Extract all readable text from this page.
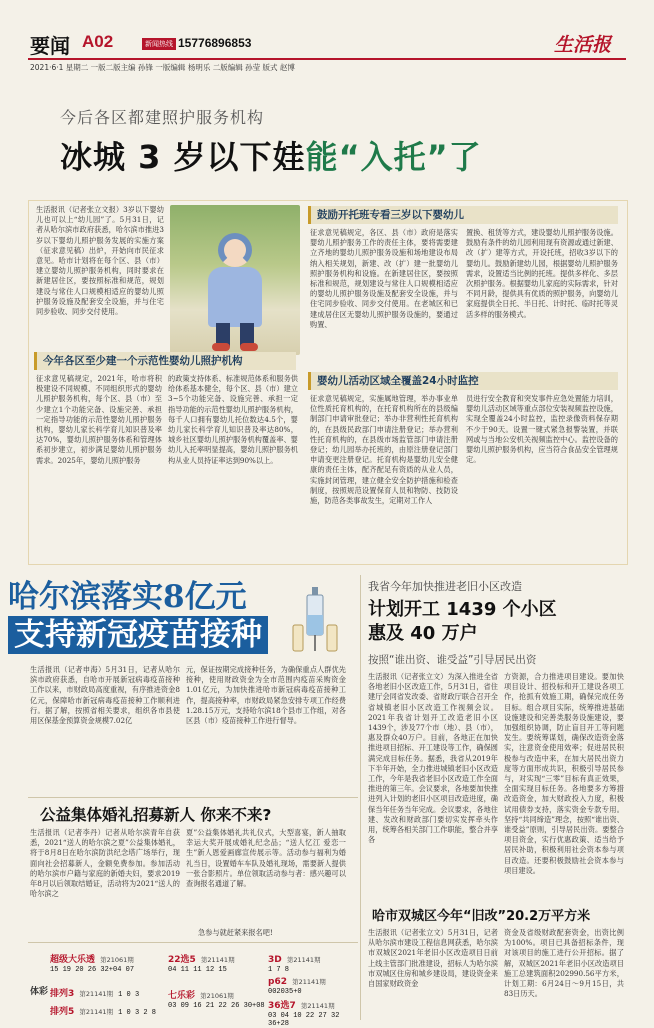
要闻 A02	新闻热线 15776896853	生活报
2021·6·1 星期二 一版二版主编 孙锋 一版编辑 杨明乐 二版编辑 孙莹 版式 赵博
今后各区都建照护服务机构
冰城 3 岁以下娃能“入托”了
生活报讯（记者张立文报）3岁以下婴幼儿也可以上“幼儿园”了。5月31日，记者从哈尔滨市政府获悉，哈尔滨市推进3岁以下婴幼儿照护服务发展的实施方案（征求意见稿）出炉，开始向市民征求意见。哈市计划将在每个区、县（市）建立婴幼儿照护服务机构，同时要求在新建居住区，要按照标准和规范，规划建设与常住人口规模相适应的婴幼儿照护服务设施及配套安全设施，并与住宅同步验收、同步交付使用。
鼓励开托班专看三岁以下婴幼儿
征求意见稿规定，各区、县（市）政府是落实婴幼儿照护服务工作的责任主体，要将需要建立齐地的婴幼儿照护服务设施和场地建设布局纳入相关规划，新建、改（扩）建一批婴幼儿照护服务机构和设施。在新建居住区，要按照标准和规范，规划建设与常住人口规模相适应的婴幼儿照护服务设施及配套安全设施，并与住宅同步验收、同步交付使用。在老城区和已建成居住区无婴幼儿照护服务设施的，要通过购置、
置换、租赁等方式，建设婴幼儿照护服务设施。鼓励有条件的幼儿园利用现有资源或通过新建、改（扩）建等方式，开设托班，招收3岁以下的婴幼儿。鼓励新建幼儿园，根据婴幼儿照护服务需求，设置适当比例的托班。提供多样化、多层次照护服务。根据婴幼儿家庭的实际需求，针对不同月龄，提供具有优质的照护服务，向婴幼儿家庭提供全日托、半日托、计时托、临时托等灵活多样的服务模式。
今年各区至少建一个示范性婴幼儿照护机构
征求意见稿规定，2021年，哈市将积极建设不同规模、不同组织形式的婴幼儿照护服务机构，每个区、县（市）至少建立1个功能完备、设施完善、承担一定指导功能的示范性婴幼儿照护服务机构，婴幼儿家长科学育儿知识普及率达70%，婴幼儿照护服务体系和管理体系初步建立，初步满足婴幼儿照护服务需求。2025年，婴幼儿照护服务
的政策支持体系、标准规范体系和服务供给体系基本健全，每个区、县（市）建立3~5个功能完备、设施完善、承担一定指导功能的示范性婴幼儿照护服务机构，每千人口拥有婴幼儿托位数达4.5个，婴幼儿家长科学育儿知识普及率达80%，城乡社区婴幼儿照护服务机构覆盖率、婴幼儿入托率明显提高，婴幼儿照护服务机构从业人员持证率达到90%以上。
婴幼儿活动区域全覆盖24小时监控
征求意见稿规定，实施属地管理，举办事业单位性质托育机构的，在托育机构所在的县级编制部门申请审批登记；举办非营利性托育机构的，在县级民政部门申请注册登记；举办营利性托育机构的，在县级市场监管部门申请注册登记；幼儿园举办托班的，由原注册登记部门申请变更注册登记。托育机构是婴幼儿安全健康的责任主体，配齐配足有资质的从业人员，实施封闭管理，建立健全安全防护措施和检查制度，按照规范设置保育人员和物防、技防设施，防范各类事故发生，定期对工作人
员进行安全教育和突发事件应急处置能力培训，婴幼儿活动区域等重点部位安装视频监控设施，实现全覆盖24小时监控，监控录像资料保存期不少于90天。设置一键式紧急报警装置，并联网或与当地公安机关视频监控中心。监控设备的婴幼儿照护服务机构，应当符合食品安全管理规定。
哈尔滨落实8亿元
支持新冠疫苗接种
生活报讯（记者申海）5月31日，记者从哈尔滨市政府获悉，自哈市开展新冠病毒疫苗接种工作以来，市财政局高度重视，有序推进资金8亿元，保障哈市新冠病毒疫苗接种工作顺利进行。据了解，按照省相关要求，组织各市县使用区保基金预算资金规模7.02亿
元，保证按期完成接种任务，为确保重点人群优先接种，使用财政资金为全市范围内疫苗采购资金1.01亿元，为加快推进哈市新冠病毒疫苗接种工作，提高接种率，市财政局紧急安排专项工作经费1.28.15万元，支持哈尔滨18个县市工作组，对各区县（市）疫苗接种工作进行督导。
公益集体婚礼招募新人 你来不来?
生活报讯（记者李丹）记者从哈尔滨青年自获悉，2021“送人的哈尔滨之夏”公益集体婚礼，将于8月8日在哈尔滨防洪纪念塔广场举行，现面向社会招募新人，金额免费参加。参加活动的哈尔滨市户籍与家庭的新婚夫妇，要求2019年8月以后领取结婚证，活动将为2021“送人的哈尔滨之
夏”公益集体婚礼共礼仪式，大型喜宴，新人抽取幸运大奖开展成婚礼纪念品；“送人忆江 爱恋一生”新人恩爱画廊宣传展示等。活动参与福利为婚礼当日，设置婚车车队及婚礼现场，需要新人提供一张合影照片。单位领取活动参与者：感兴趣可以查询报名通道了解。
急参与就赶紧来报名吧!
我省今年加快推进老旧小区改造
计划开工 1439 个小区
惠及 40 万户
按照“谁出资、谁受益”引导居民出资
生活报讯（记者张立文）为深入推进全省各地老旧小区改造工作，5月31日，省住建厅会同省发改委、省财政厅联合召开全省城镇老旧小区改造工作视频会议。2021年我省计划开工改造老旧小区1439个，涉及77个市（地）、县（市），惠及群众40万户。目前，各地正在加快推进项目招标、开工建设等工作，确保圆满完成目标任务。据悉，我省从2019年下半年开始，全力推进城镇老旧小区改造工作，今年是我省老旧小区改造工作全面推进的第三年。会议要求，各地要加快推进列入计划的老旧小区项目改造进度，确保当年任务当年完成。会议要求，各地住建、发改和财政部门要切实发挥牵头作用，统筹各相关部门工作职能，整合并享各
方资源，合力推进项目建设。要加快项目设计、招投标和开工建设各项工作，抢抓有效施工期，确保完成任务目标。组合项目实际，统筹推进基础设施建设和完善类服务设施建设，要加强组织协调，防止盲目开工等问题发生。要统筹谋划，确保改造资金落实，注意资金使用效率；促进居民积极参与改造中来，在加大居民出资力度等方面形成共识，积极引导居民参与，对实现“三零”目标有真正效果，全面实现目标任务。各地要多方筹措改造资金，加大财政投入力度，积极试用债券支持，落实资金专款专用。坚持“共同缔造”理念，按照“谁出资、谁受益”原则，引导居民出资。要整合项目资金，实行优惠政策、适当给予居民补助，积极利用社会资本参与项目改造。还要积极鼓励社会资本参与项目建设。
哈市双城区今年“旧改”20.2万平方米
生活报讯（记者张立文）5月31日，记者从哈尔滨市建设工程信息网获悉，哈尔滨市双城区2021年老旧小区改造项目日前上线主管部门批准建设，招标人为哈尔滨市双城区住房和城乡建设局，建设资金来自国家财政资金
资金及省级财政配套资金，出资比例为100%。项目已具备招标条件，现对该项目的施工进行公开招标。据了解，双城区2021年老旧小区改造项目施工总建筑面积202990.56平方米，计划工期：6月24日～9月15日，共83日历天。
体彩
超级大乐透 第21061期
15 19 20 26 32+04 07
排列3 第21141期 1 0 3
排列5 第21141期 1 0 3 2 8
22选5 第21141期
04 11 11 12 15
七乐彩 第21061期
03 09 16 21 22 26 30+08
3D 第21141期
1 7 8
p62 第21141期
002035+0
36选7 第21141期
03 04 10 22 27 32 36+28
